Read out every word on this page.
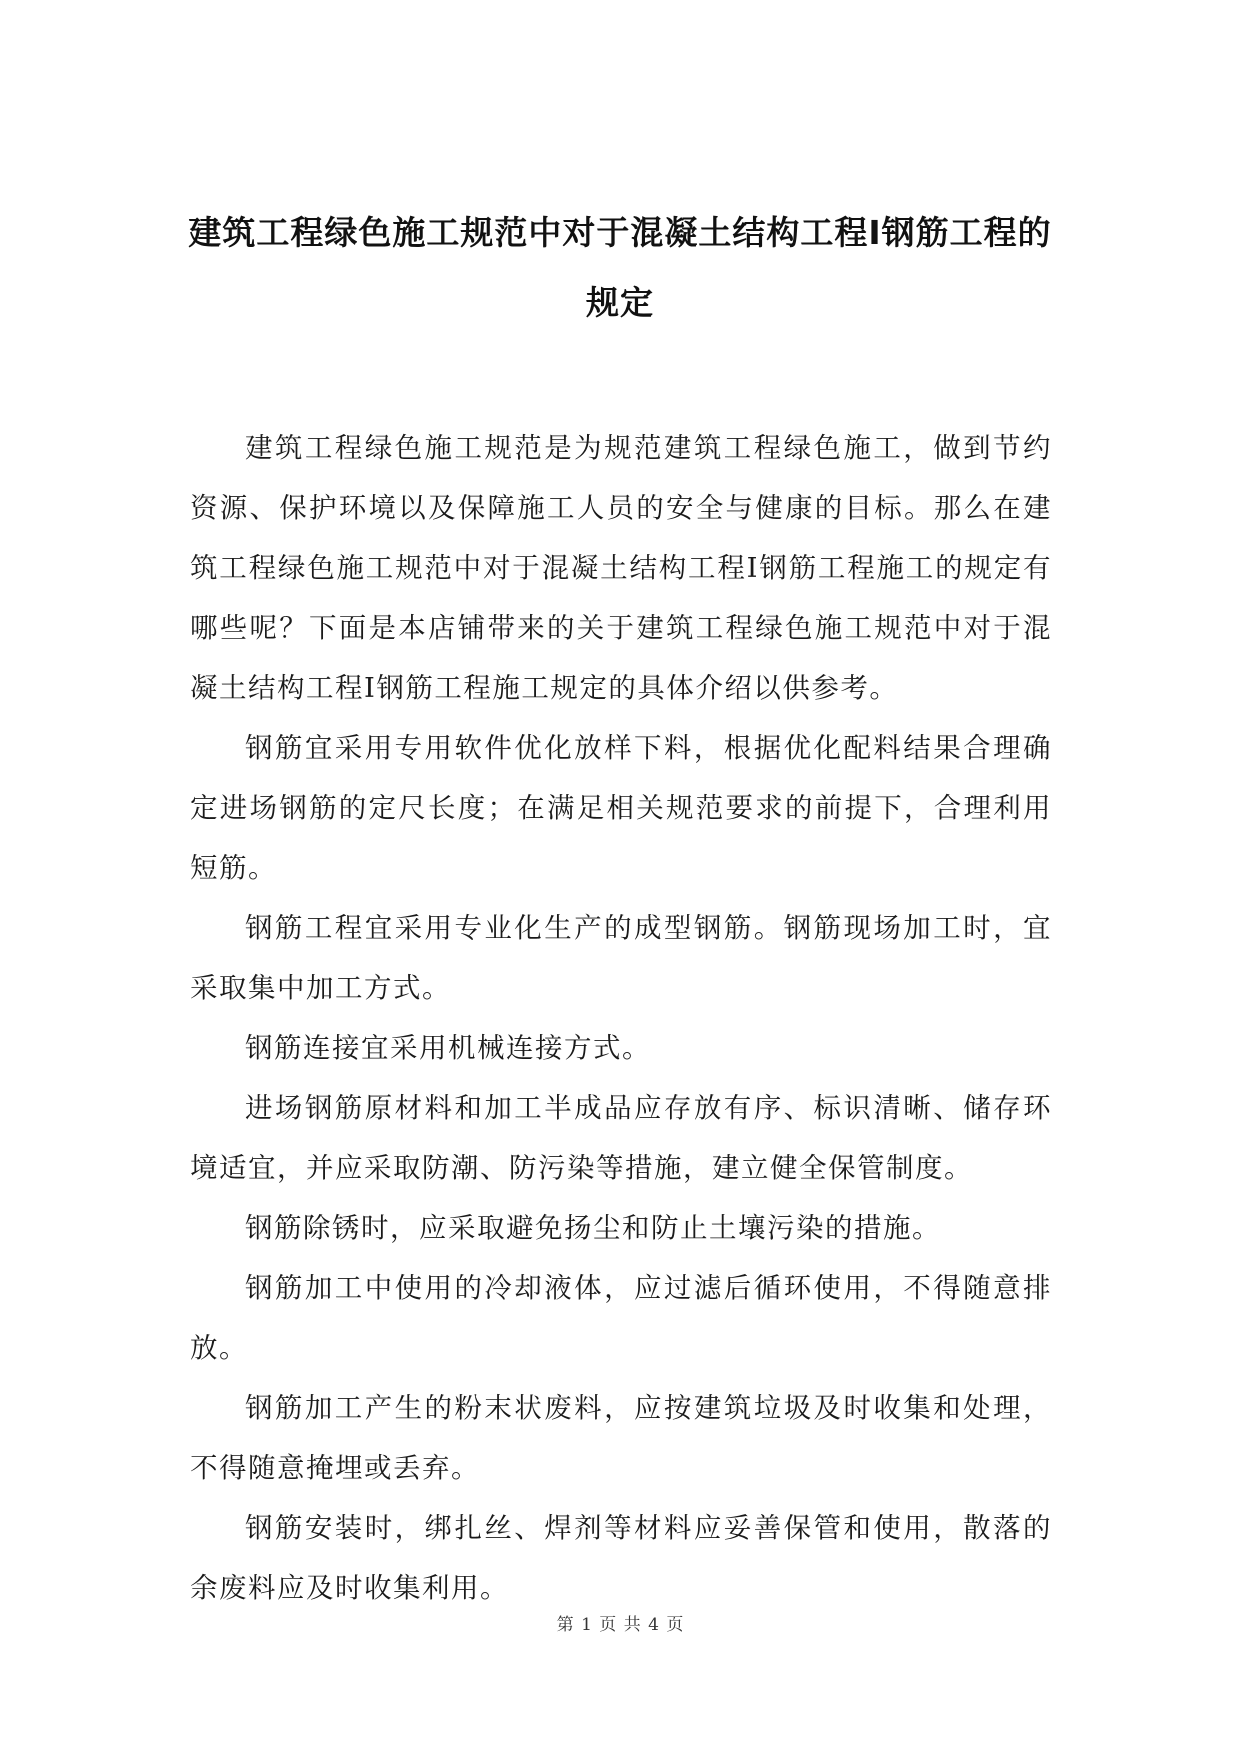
建筑工程绿色施工规范中对于混凝土结构工程Ⅰ钢筋工程的规定

建筑工程绿色施工规范是为规范建筑工程绿色施工，做到节约资源、保护环境以及保障施工人员的安全与健康的目标。那么在建筑工程绿色施工规范中对于混凝土结构工程Ⅰ钢筋工程施工的规定有哪些呢？下面是本店铺带来的关于建筑工程绿色施工规范中对于混凝土结构工程Ⅰ钢筋工程施工规定的具体介绍以供参考。

钢筋宜采用专用软件优化放样下料，根据优化配料结果合理确定进场钢筋的定尺长度；在满足相关规范要求的前提下，合理利用短筋。

钢筋工程宜采用专业化生产的成型钢筋。钢筋现场加工时，宜采取集中加工方式。

钢筋连接宜采用机械连接方式。

进场钢筋原材料和加工半成品应存放有序、标识清晰、储存环境适宜，并应采取防潮、防污染等措施，建立健全保管制度。

钢筋除锈时，应采取避免扬尘和防止土壤污染的措施。

钢筋加工中使用的冷却液体，应过滤后循环使用，不得随意排放。

钢筋加工产生的粉末状废料，应按建筑垃圾及时收集和处理，不得随意掩埋或丢弃。

钢筋安装时，绑扎丝、焊剂等材料应妥善保管和使用，散落的余废料应及时收集利用。

第 1 页 共 4 页
